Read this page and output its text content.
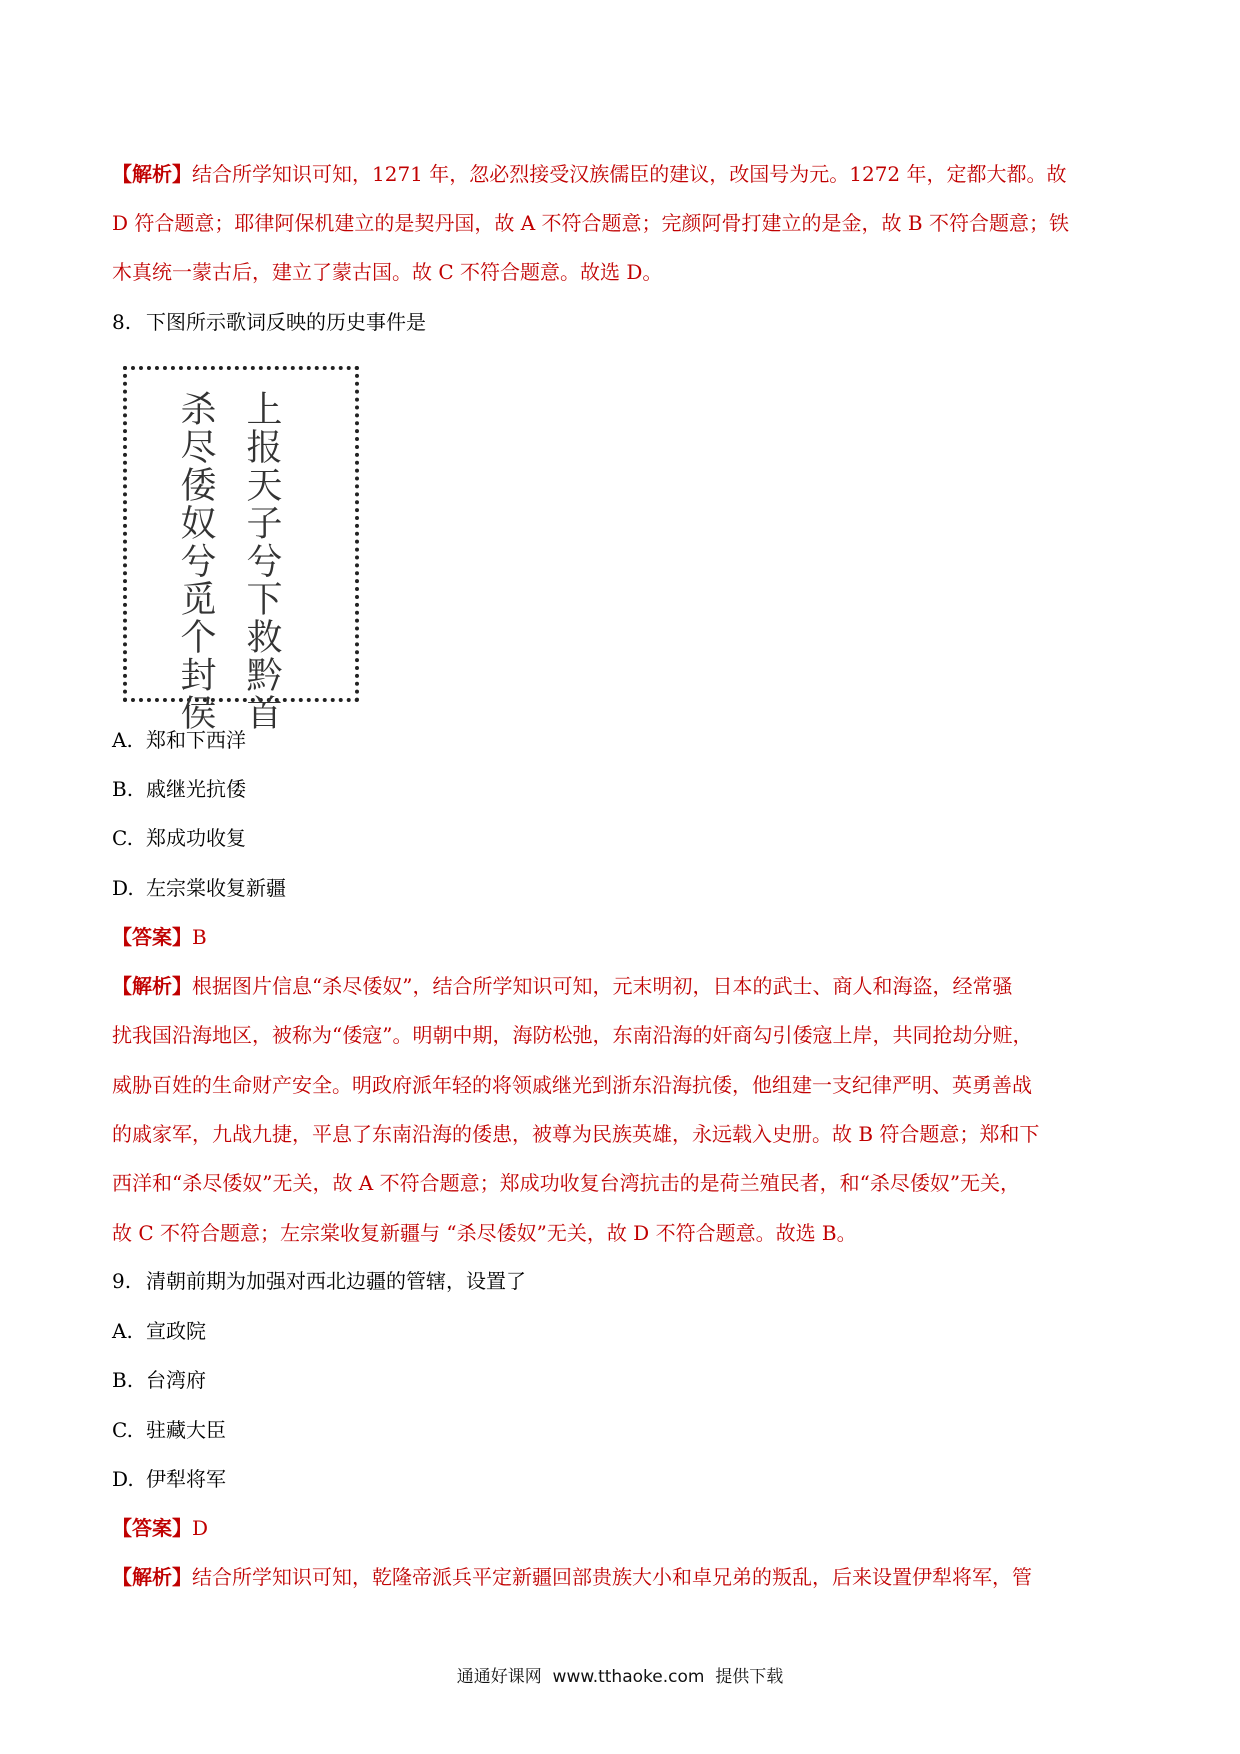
【解析】结合所学知识可知，1271 年，忽必烈接受汉族儒臣的建议，改国号为元。1272 年，定都大都。故
D 符合题意；耶律阿保机建立的是契丹国，故 A 不符合题意；完颜阿骨打建立的是金，故 B 不符合题意；铁
木真统一蒙古后，建立了蒙古国。故 C 不符合题意。故选 D。
8. 下图所示歌词反映的历史事件是
上报天子兮下救黔首
杀尽倭奴兮觅个封侯
A. 郑和下西洋
B. 戚继光抗倭
C. 郑成功收复
D. 左宗棠收复新疆
【答案】B
【解析】根据图片信息“杀尽倭奴”，结合所学知识可知，元末明初，日本的武士、商人和海盗，经常骚
扰我国沿海地区，被称为“倭寇”。明朝中期，海防松弛，东南沿海的奸商勾引倭寇上岸，共同抢劫分赃，
威胁百姓的生命财产安全。明政府派年轻的将领戚继光到浙东沿海抗倭，他组建一支纪律严明、英勇善战
的戚家军，九战九捷，平息了东南沿海的倭患，被尊为民族英雄，永远载入史册。故 B 符合题意；郑和下
西洋和“杀尽倭奴”无关，故 A 不符合题意；郑成功收复台湾抗击的是荷兰殖民者，和“杀尽倭奴”无关，
故 C 不符合题意；左宗棠收复新疆与 “杀尽倭奴”无关，故 D 不符合题意。故选 B。
9. 清朝前期为加强对西北边疆的管辖，设置了
A. 宣政院
B. 台湾府
C. 驻藏大臣
D. 伊犁将军
【答案】D
【解析】结合所学知识可知，乾隆帝派兵平定新疆回部贵族大小和卓兄弟的叛乱，后来设置伊犁将军，管
通通好课网 www.tthaoke.com 提供下载
